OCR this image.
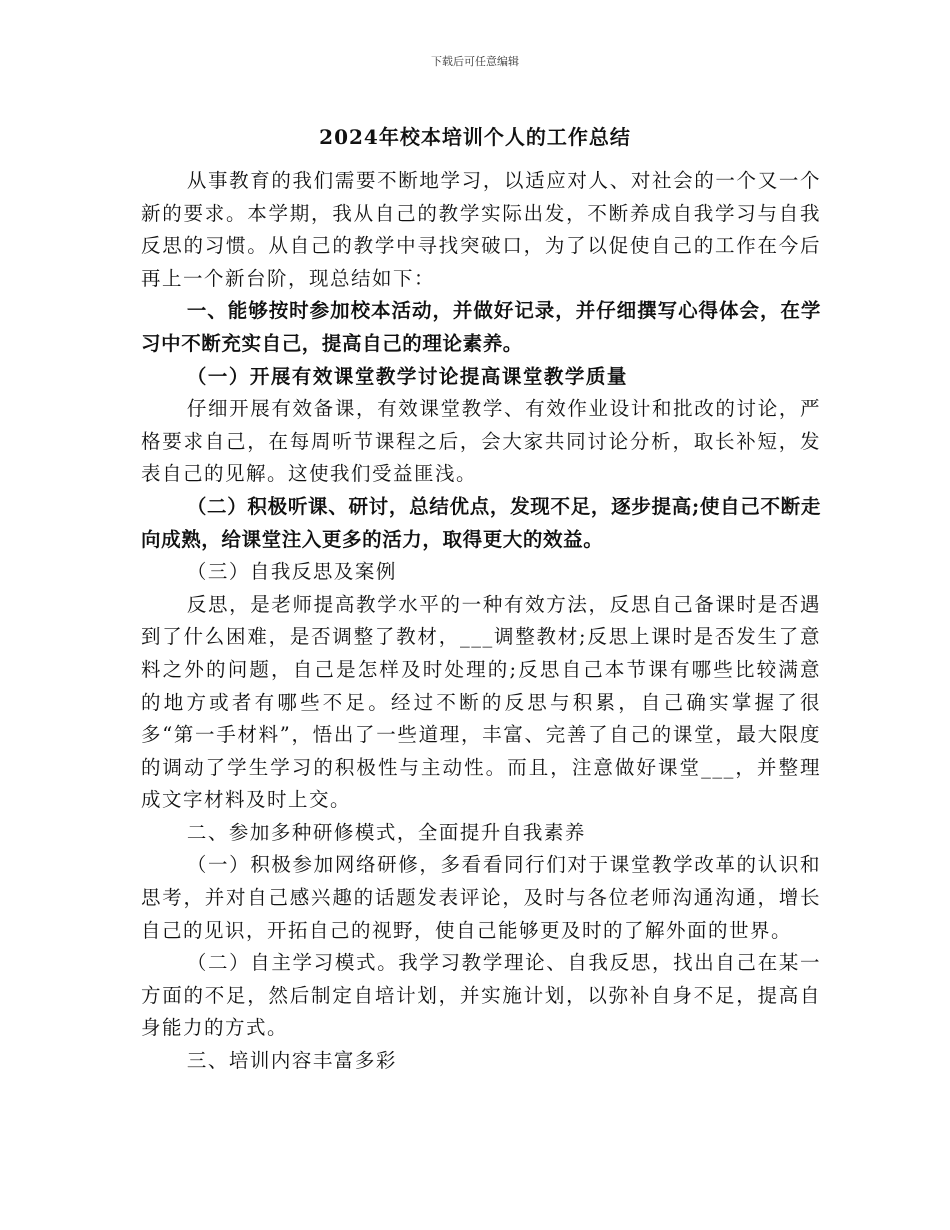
下载后可任意编辑
2024年校本培训个人的工作总结

从事教育的我们需要不断地学习，以适应对人、对社会的一个又一个新的要求。本学期，我从自己的教学实际出发，不断养成自我学习与自我反思的习惯。从自己的教学中寻找突破口，为了以促使自己的工作在今后再上一个新台阶，现总结如下：

一、能够按时参加校本活动，并做好记录，并仔细撰写心得体会，在学习中不断充实自己，提高自己的理论素养。

（一）开展有效课堂教学讨论提高课堂教学质量

仔细开展有效备课，有效课堂教学、有效作业设计和批改的讨论，严格要求自己，在每周听节课程之后，会大家共同讨论分析，取长补短，发表自己的见解。这使我们受益匪浅。

（二）积极听课、研讨，总结优点，发现不足，逐步提高;使自己不断走向成熟，给课堂注入更多的活力，取得更大的效益。

（三）自我反思及案例

反思，是老师提高教学水平的一种有效方法，反思自己备课时是否遇到了什么困难，是否调整了教材，___调整教材;反思上课时是否发生了意料之外的问题，自己是怎样及时处理的;反思自己本节课有哪些比较满意的地方或者有哪些不足。经过不断的反思与积累，自己确实掌握了很多“第一手材料”，悟出了一些道理，丰富、完善了自己的课堂，最大限度的调动了学生学习的积极性与主动性。而且，注意做好课堂___，并整理成文字材料及时上交。

二、参加多种研修模式，全面提升自我素养

（一）积极参加网络研修，多看看同行们对于课堂教学改革的认识和思考，并对自己感兴趣的话题发表评论，及时与各位老师沟通沟通，增长自己的见识，开拓自己的视野，使自己能够更及时的了解外面的世界。

（二）自主学习模式。我学习教学理论、自我反思，找出自己在某一方面的不足，然后制定自培计划，并实施计划，以弥补自身不足，提高自身能力的方式。

三、培训内容丰富多彩
